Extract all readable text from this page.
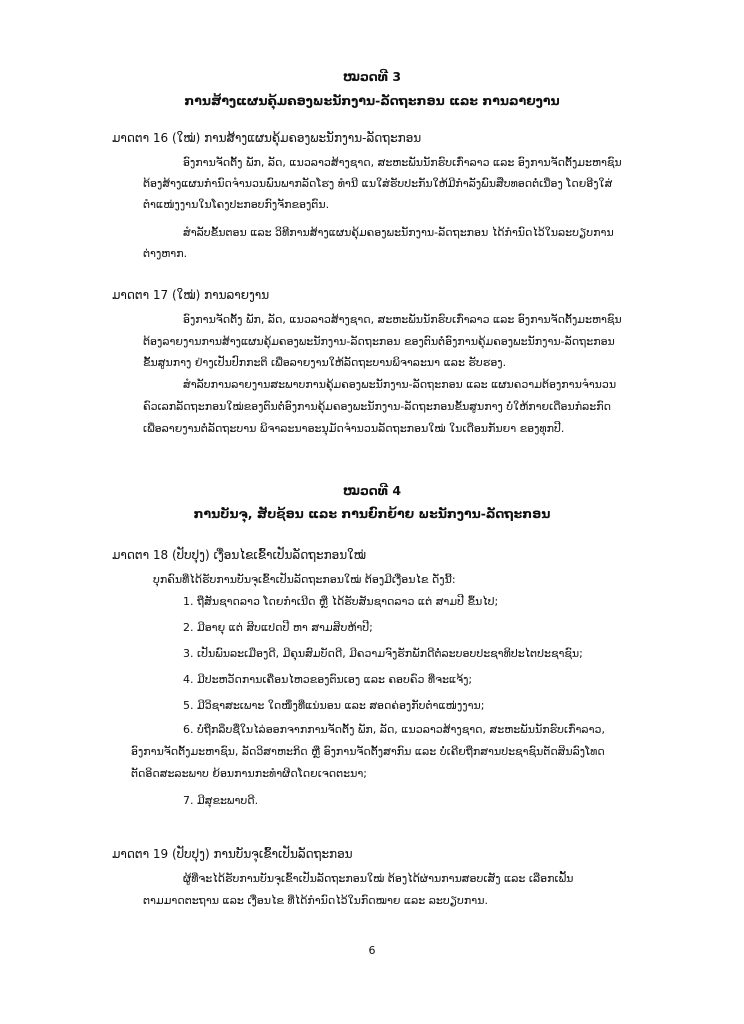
ໝວດທີ 3
ການສ້າງແຜນຄຸ້ມຄອງພະນັກງານ-ລັດຖະກອນ ແລະ ການລາຍງານ
ມາດຕາ 16 (ໃໝ່) ການສ້າງແຜນຄຸ້ມຄອງພະນັກງານ-ລັດຖະກອນ
ອົງການຈັດຕັ້ງ ພັກ, ລັດ, ແນວລາວສ້າງຊາດ, ສະຫະພັນນັກຮົບເກົ່າລາວ ແລະ ອົງການຈັດຕັ້ງມະຫາຊົນ
ຕ້ອງສ້າງແຜນກຳນົດຈຳນວນພົນພາກລັດໂຮງ ທຳນີ ແນໃສ່ຮັບປະກັນໃຫ້ມີກຳລັງພົນສືບທອດຕໍ່ເນື່ອງ ໂດຍອີງໃສ່
ຕຳແໜ່ງງານໃນໂຄງປະກອບກົງຈັກຂອງຕົນ.
ສຳລັບຂັ້ນຕອນ ແລະ ວິທີການສ້າງແຜນຄຸ້ມຄອງພະນັກງານ-ລັດຖະກອນ ໄດ້ກຳນົດໄວ້ໃນລະບຽບການ
ຕ່າງຫາກ.
ມາດຕາ 17 (ໃໝ່) ການລາຍງານ
ອົງການຈັດຕັ້ງ ພັກ, ລັດ, ແນວລາວສ້າງຊາດ, ສະຫະພັນນັກຮົບເກົ່າລາວ ແລະ ອົງການຈັດຕັ້ງມະຫາຊົນ
ຕ້ອງລາຍງານການສ້າງແຜນຄຸ້ມຄອງພະນັກງານ-ລັດຖະກອນ ຂອງຕົນຕໍ່ອົງການຄຸ້ມຄອງພະນັກງານ-ລັດຖະກອນ
ຂັ້ນສູນກາງ ຢ່າງເປັນປົກກະຕິ ເພື່ອລາຍງານໃຫ້ລັດຖະບານພິຈາລະນາ ແລະ ຮັບຮອງ.
ສຳລັບການລາຍງານສະພາບການຄຸ້ມຄອງພະນັກງານ-ລັດຖະກອນ ແລະ ແຜນຄວາມຕ້ອງການຈຳນວນ
ຄົວເລກລັດຖະກອນໃໝ່ຂອງຕົນຕໍ່ອົງການຄຸ້ມຄອງພະນັກງານ-ລັດຖະກອນຂັ້ນສູນກາງ ບໍ່ໃຫ້ກາຍເດືອນກໍລະກົດ
ເພື່ອລາຍງານຕໍ່ລັດຖະບານ ພິຈາລະນາອະນຸມັດຈຳນວນລັດຖະກອນໃໝ່ ໃນເດືອນກັນຍາ ຂອງທຸກປີ.
ໝວດທີ 4
ການບັນຈຸ, ສັບຊ້ອນ ແລະ ການຍົກຍ້າຍ ພະນັກງານ-ລັດຖະກອນ
ມາດຕາ 18 (ປັບປຸງ) ເງື່ອນໄຂເຂົ້າເປັນລັດຖະກອນໃໝ່
ບຸກຄົນທີ່ໄດ້ຮັບການບັນຈຸເຂົ້າເປັນລັດຖະກອນໃໝ່ ຕ້ອງມີເງື່ອນໄຂ ດັ່ງນີ້:
1. ຖືສັນຊາດລາວ ໂດຍກຳເນີດ ຫຼື ໄດ້ຮັບສັນຊາດລາວ ແຕ່ ສາມປີ ຂຶ້ນໄປ;
2. ມີອາຍຸ ແຕ່ ສິບແປດປີ ຫາ ສາມສິບຫ້າປີ;
3. ເປັນພົນລະເມືອງດີ, ມີຄຸນສົມບັດດີ, ມີຄວາມຈົງຮັກພັກດີຕໍ່ລະບອບປະຊາທິປະໄຕປະຊາຊົນ;
4. ມີປະຫວັດການເຄື່ອນໄຫວຂອງຕົນເອງ ແລະ ຄອບຄົວ ທີ່ຈະແຈ້ງ;
5. ມີວິຊາສະເພາະ ໃດໜຶ່ງທີ່ແນ່ນອນ ແລະ ສອດຄ່ອງກັບຕຳແໜ່ງງານ;
6. ບໍ່ຖືກລຶບຊື່ໃນໄລ່ອອກຈາກການຈັດຕັ້ງ ພັກ, ລັດ, ແນວລາວສ້າງຊາດ, ສະຫະພັນນັກຮົບເກົ່າລາວ,
ອົງການຈັດຕັ້ງມະຫາຊົນ, ລັດວິສາຫະກິດ ຫຼື ອົງການຈັດຕັ້ງສາກົນ ແລະ ບໍ່ເຄີຍຖືກສານປະຊາຊົນຕັດສິນລົງໂທດ
ຕັດອິດສະລະພາບ ຍ້ອນການກະທຳຜິດໂດຍເຈດຕະນາ;
7. ມີສຸຂະພາບດີ.
ມາດຕາ 19 (ປັບປຸງ) ການບັນຈຸເຂົ້າເປັນລັດຖະກອນ
ຜູ້ທີ່ຈະໄດ້ຮັບການບັນຈຸເຂົ້າເປັນລັດຖະກອນໃໝ່ ຕ້ອງໄດ້ຜ່ານການສອບເສັງ ແລະ ເລືອກເຟັ້ນ
ຕາມມາດຕະຖານ ແລະ ເງື່ອນໄຂ ທີ່ໄດ້ກຳນົດໄວ້ໃນກົດໝາຍ ແລະ ລະບຽບການ.
6
